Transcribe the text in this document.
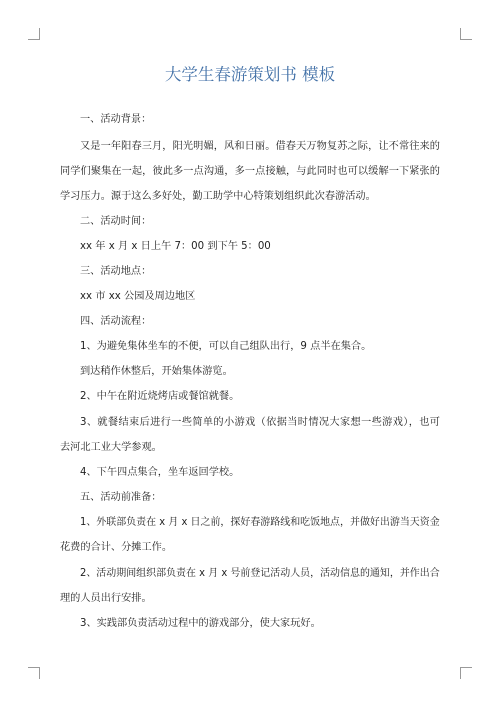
大学生春游策划书 模板
一、活动背景：
又是一年阳春三月，阳光明媚，风和日丽。借春天万物复苏之际，让不常往来的
同学们聚集在一起，彼此多一点沟通，多一点接触，与此同时也可以缓解一下紧张的
学习压力。源于这么多好处，勤工助学中心特策划组织此次春游活动。
二、活动时间：
xx 年 x 月 x 日上午 7：00 到下午 5：00
三、活动地点：
xx 市 xx 公园及周边地区
四、活动流程：
1、为避免集体坐车的不便，可以自己组队出行，9 点半在集合。
到达稍作休整后，开始集体游览。
2、中午在附近烧烤店或餐馆就餐。
3、就餐结束后进行一些简单的小游戏（依据当时情况大家想一些游戏），也可
去河北工业大学参观。
4、下午四点集合，坐车返回学校。
五、活动前准备：
1、外联部负责在 x 月 x 日之前，探好春游路线和吃饭地点，并做好出游当天资金
花费的合计、分摊工作。
2、活动期间组织部负责在 x 月 x 号前登记活动人员，活动信息的通知，并作出合
理的人员出行安排。
3、实践部负责活动过程中的游戏部分，使大家玩好。
